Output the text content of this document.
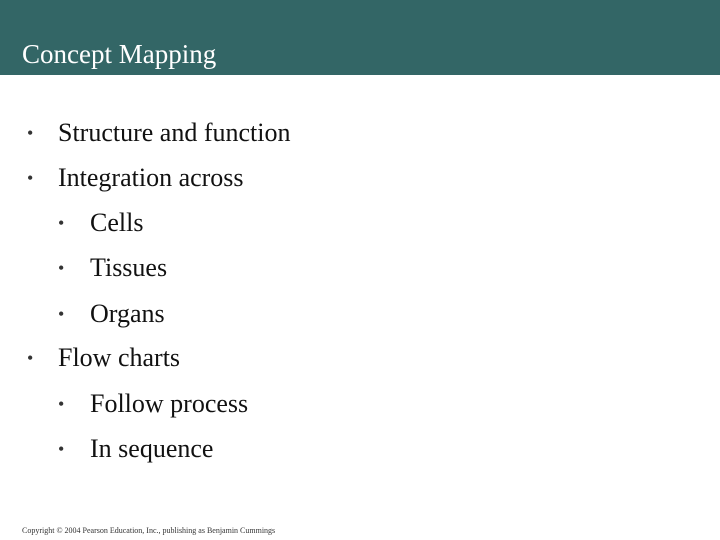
Concept Mapping
• Structure and function
• Integration across
• Cells
• Tissues
• Organs
• Flow charts
• Follow process
• In sequence
Copyright © 2004 Pearson Education, Inc., publishing as Benjamin Cummings
